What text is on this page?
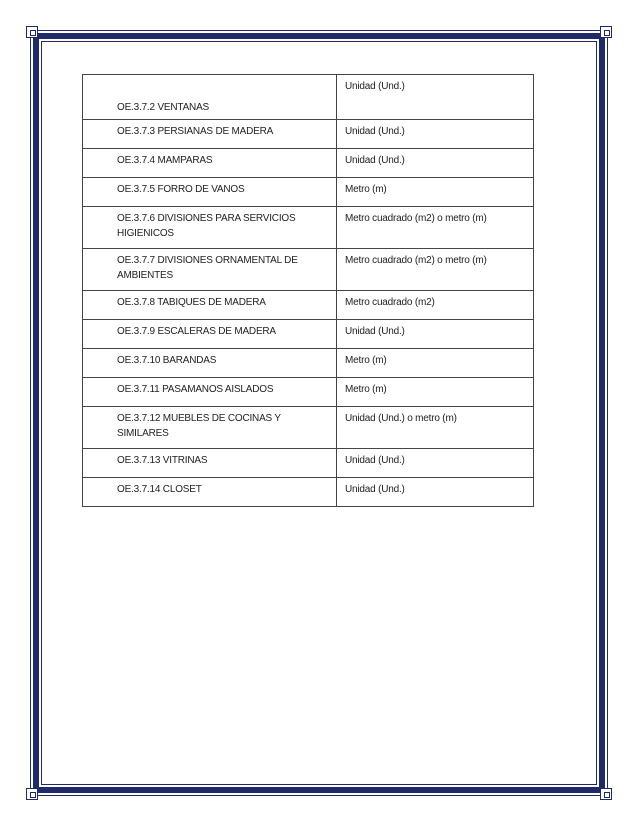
OE.3.7.2 VENTANAS	Unidad (Und.)
OE.3.7.3 PERSIANAS DE MADERA	Unidad (Und.)
OE.3.7.4 MAMPARAS	Unidad (Und.)
OE.3.7.5 FORRO DE VANOS	Metro (m)
OE.3.7.6 DIVISIONES PARA SERVICIOS HIGIENICOS	Metro cuadrado (m2) o metro (m)
OE.3.7.7 DIVISIONES ORNAMENTAL DE AMBIENTES	Metro cuadrado (m2) o metro (m)
OE.3.7.8 TABIQUES DE MADERA	Metro cuadrado (m2)
OE.3.7.9 ESCALERAS DE MADERA	Unidad (Und.)
OE.3.7.10 BARANDAS	Metro (m)
OE.3.7.11 PASAMANOS AISLADOS	Metro (m)
OE.3.7.12 MUEBLES DE COCINAS Y SIMILARES	Unidad (Und.) o metro (m)
OE.3.7.13 VITRINAS	Unidad (Und.)
OE.3.7.14 CLOSET	Unidad (Und.)
